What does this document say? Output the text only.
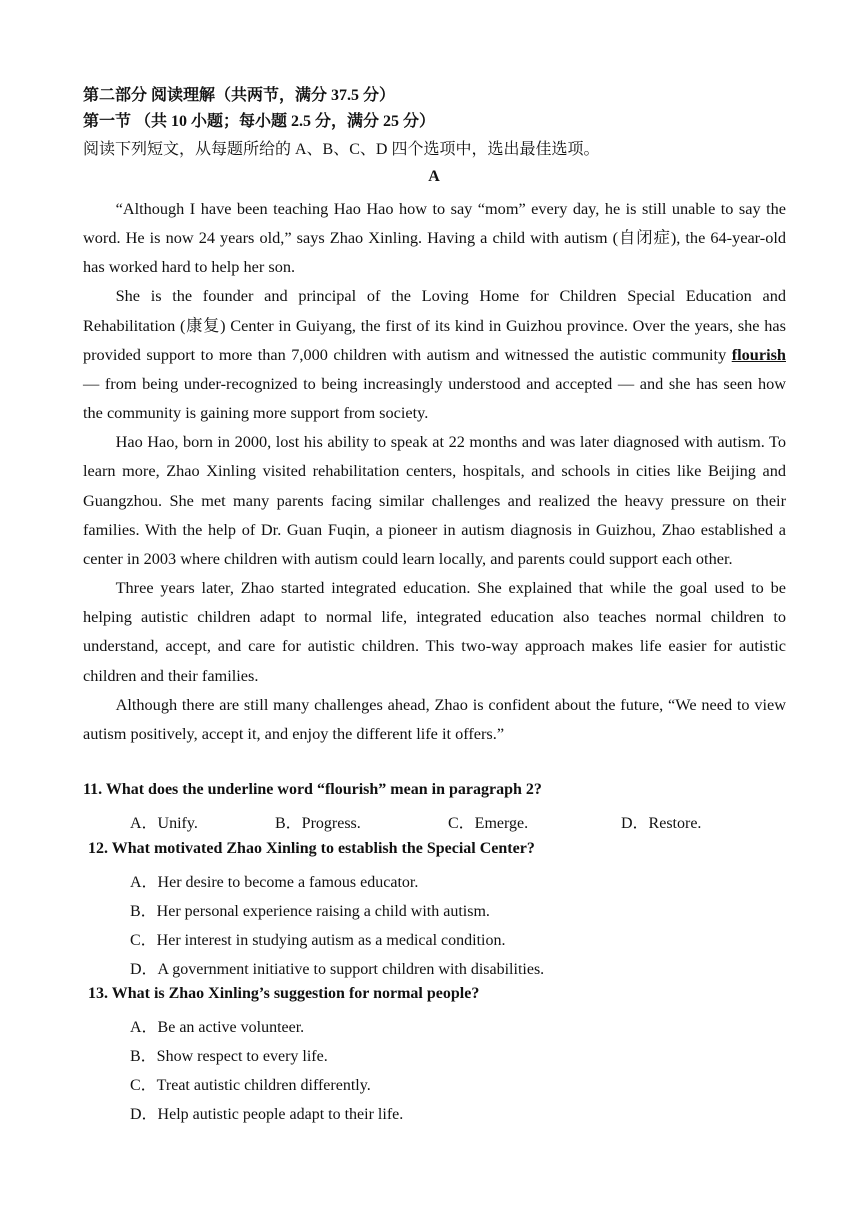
第二部分 阅读理解（共两节，满分 37.5 分）
第一节 （共 10 小题；每小题 2.5 分，满分 25 分）
阅读下列短文，从每题所给的 A、B、C、D 四个选项中，选出最佳选项。
A

“Although I have been teaching Hao Hao how to say “mom” every day, he is still unable to say the word. He is now 24 years old,” says Zhao Xinling. Having a child with autism (自闭症), the 64-year-old has worked hard to help her son.

She is the founder and principal of the Loving Home for Children Special Education and Rehabilitation (康复) Center in Guiyang, the first of its kind in Guizhou province. Over the years, she has provided support to more than 7,000 children with autism and witnessed the autistic community flourish — from being under-recognized to being increasingly understood and accepted — and she has seen how the community is gaining more support from society.

Hao Hao, born in 2000, lost his ability to speak at 22 months and was later diagnosed with autism. To learn more, Zhao Xinling visited rehabilitation centers, hospitals, and schools in cities like Beijing and Guangzhou. She met many parents facing similar challenges and realized the heavy pressure on their families. With the help of Dr. Guan Fuqin, a pioneer in autism diagnosis in Guizhou, Zhao established a center in 2003 where children with autism could learn locally, and parents could support each other.

Three years later, Zhao started integrated education. She explained that while the goal used to be helping autistic children adapt to normal life, integrated education also teaches normal children to understand, accept, and care for autistic children. This two-way approach makes life easier for autistic children and their families.

Although there are still many challenges ahead, Zhao is confident about the future, “We need to view autism positively, accept it, and enjoy the different life it offers.”

11. What does the underline word “flourish” mean in paragraph 2?
A．Unify.	B．Progress.	C．Emerge.	D．Restore.
12. What motivated Zhao Xinling to establish the Special Center?
A．Her desire to become a famous educator.
B．Her personal experience raising a child with autism.
C．Her interest in studying autism as a medical condition.
D．A government initiative to support children with disabilities.
13. What is Zhao Xinling’s suggestion for normal people?
A．Be an active volunteer.
B．Show respect to every life.
C．Treat autistic children differently.
D．Help autistic people adapt to their life.
